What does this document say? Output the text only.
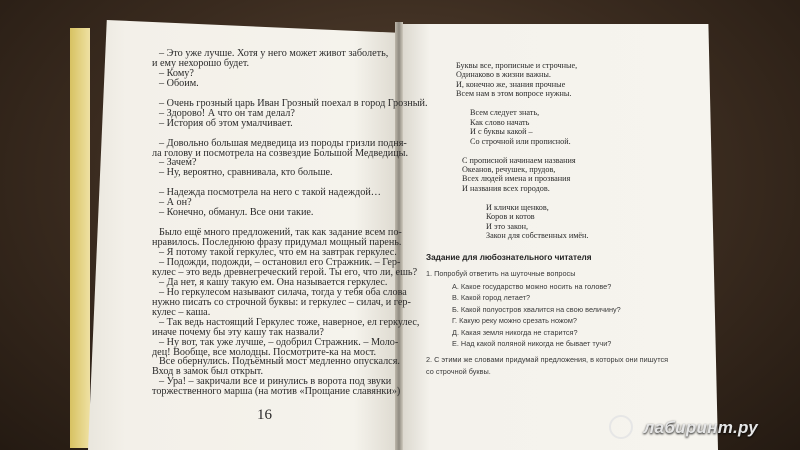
– Это уже лучше. Хотя у него может живот заболеть,
и ему нехорошо будет.
– Кому?
– Обоим.
– Очень грозный царь Иван Грозный поехал в город Грозный.
– Здорово! А что он там делал?
– История об этом умалчивает.
– Довольно большая медведица из породы гризли подня-
ла голову и посмотрела на созвездие Большой Медведицы.
– Зачем?
– Ну, вероятно, сравнивала, кто больше.
– Надежда посмотрела на него с такой надеждой…
– А он?
– Конечно, обманул. Все они такие.
Было ещё много предложений, так как задание всем по-
нравилось. Последнюю фразу придумал мощный парень.
– Я потому такой геркулес, что ем на завтрак геркулес.
– Подожди, подожди, – остановил его Стражник. – Гер-
кулес – это ведь древнегреческий герой. Ты его, что ли, ешь?
– Да нет, я кашу такую ем. Она называется геркулес.
– Но геркулесом называют силача, тогда у тебя оба слова
нужно писать со строчной буквы: и геркулес – силач, и гер-
кулес – каша.
– Так ведь настоящий Геркулес тоже, наверное, ел геркулес,
иначе почему бы эту кашу так назвали?
– Ну вот, так уже лучше, – одобрил Стражник. – Моло-
дец! Вообще, все молодцы. Посмотрите-ка на мост.
Все обернулись. Подъёмный мост медленно опускался.
Вход в замок был открыт.
– Ура! – закричали все и ринулись в ворота под звуки
торжественного марша (на мотив «Прощание славянки»)
16
Буквы все, прописные и строчные,
Одинаково в жизни важны.
И, конечно же, знания прочные
Всем нам в этом вопросе нужны.
Всем следует знать,
Как слово начать
И с буквы какой –
Со строчной или прописной.
С прописной начинаем названия
Океанов, речушек, прудов,
Всех людей имена и прозвания
И названия всех городов.
И клички щенков,
Коров и котов
И это закон,
Закон для собственных имён.
Задание для любознательного читателя
1. Попробуй ответить на шуточные вопросы
А. Какое государство можно носить на голове?
В. Какой город летает?
Б. Какой полуостров хвалится на свою величину?
Г. Какую реку можно срезать ножом?
Д. Какая земля никогда не старится?
Е. Над какой поляной никогда не бывает тучи?
2. С этими же словами придумай предложения, в которых они пишутся
со строчной буквы.
лабиринт.ру
